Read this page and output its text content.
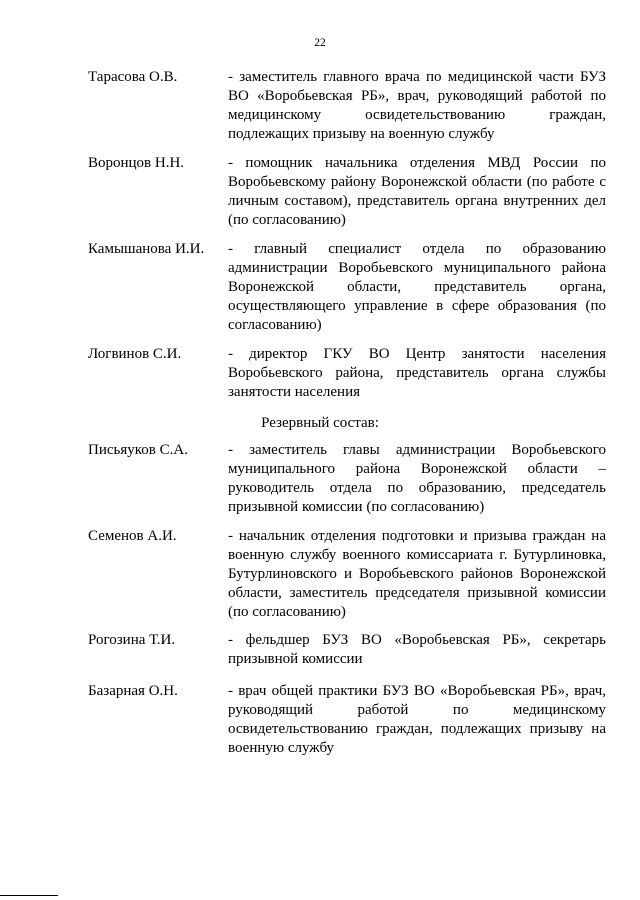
22
Тарасова О.В.	- заместитель главного врача по медицинской части БУЗ ВО «Воробьевская РБ», врач, руководящий работой по медицинскому освидетельствованию граждан, подлежащих призыву на военную службу
Воронцов Н.Н.	- помощник начальника отделения МВД России по Воробьевскому району Воронежской области (по работе с личным составом), представитель органа внутренних дел (по согласованию)
Камышанова И.И. - главный специалист отдела по образованию администрации Воробьевского муниципального района Воронежской области, представитель органа, осуществляющего управление в сфере образования (по согласованию)
Логвинов С.И.	- директор ГКУ ВО Центр занятости населения Воробьевского района, представитель органа службы занятости населения
Резервный состав:
Письяуков С.А.	- заместитель главы администрации Воробьевского муниципального района Воронежской области – руководитель отдела по образованию, председатель призывной комиссии (по согласованию)
Семенов А.И.	- начальник отделения подготовки и призыва граждан на военную службу военного комиссариата г. Бутурлиновка, Бутурлиновского и Воробьевского районов Воронежской области, заместитель председателя призывной комиссии (по согласованию)
Рогозина Т.И.	- фельдшер БУЗ ВО «Воробьевская РБ», секретарь призывной комиссии
Базарная О.Н.	- врач общей практики БУЗ ВО «Воробьевская РБ», врач, руководящий работой по медицинскому освидетельствованию граждан, подлежащих призыву на военную службу
